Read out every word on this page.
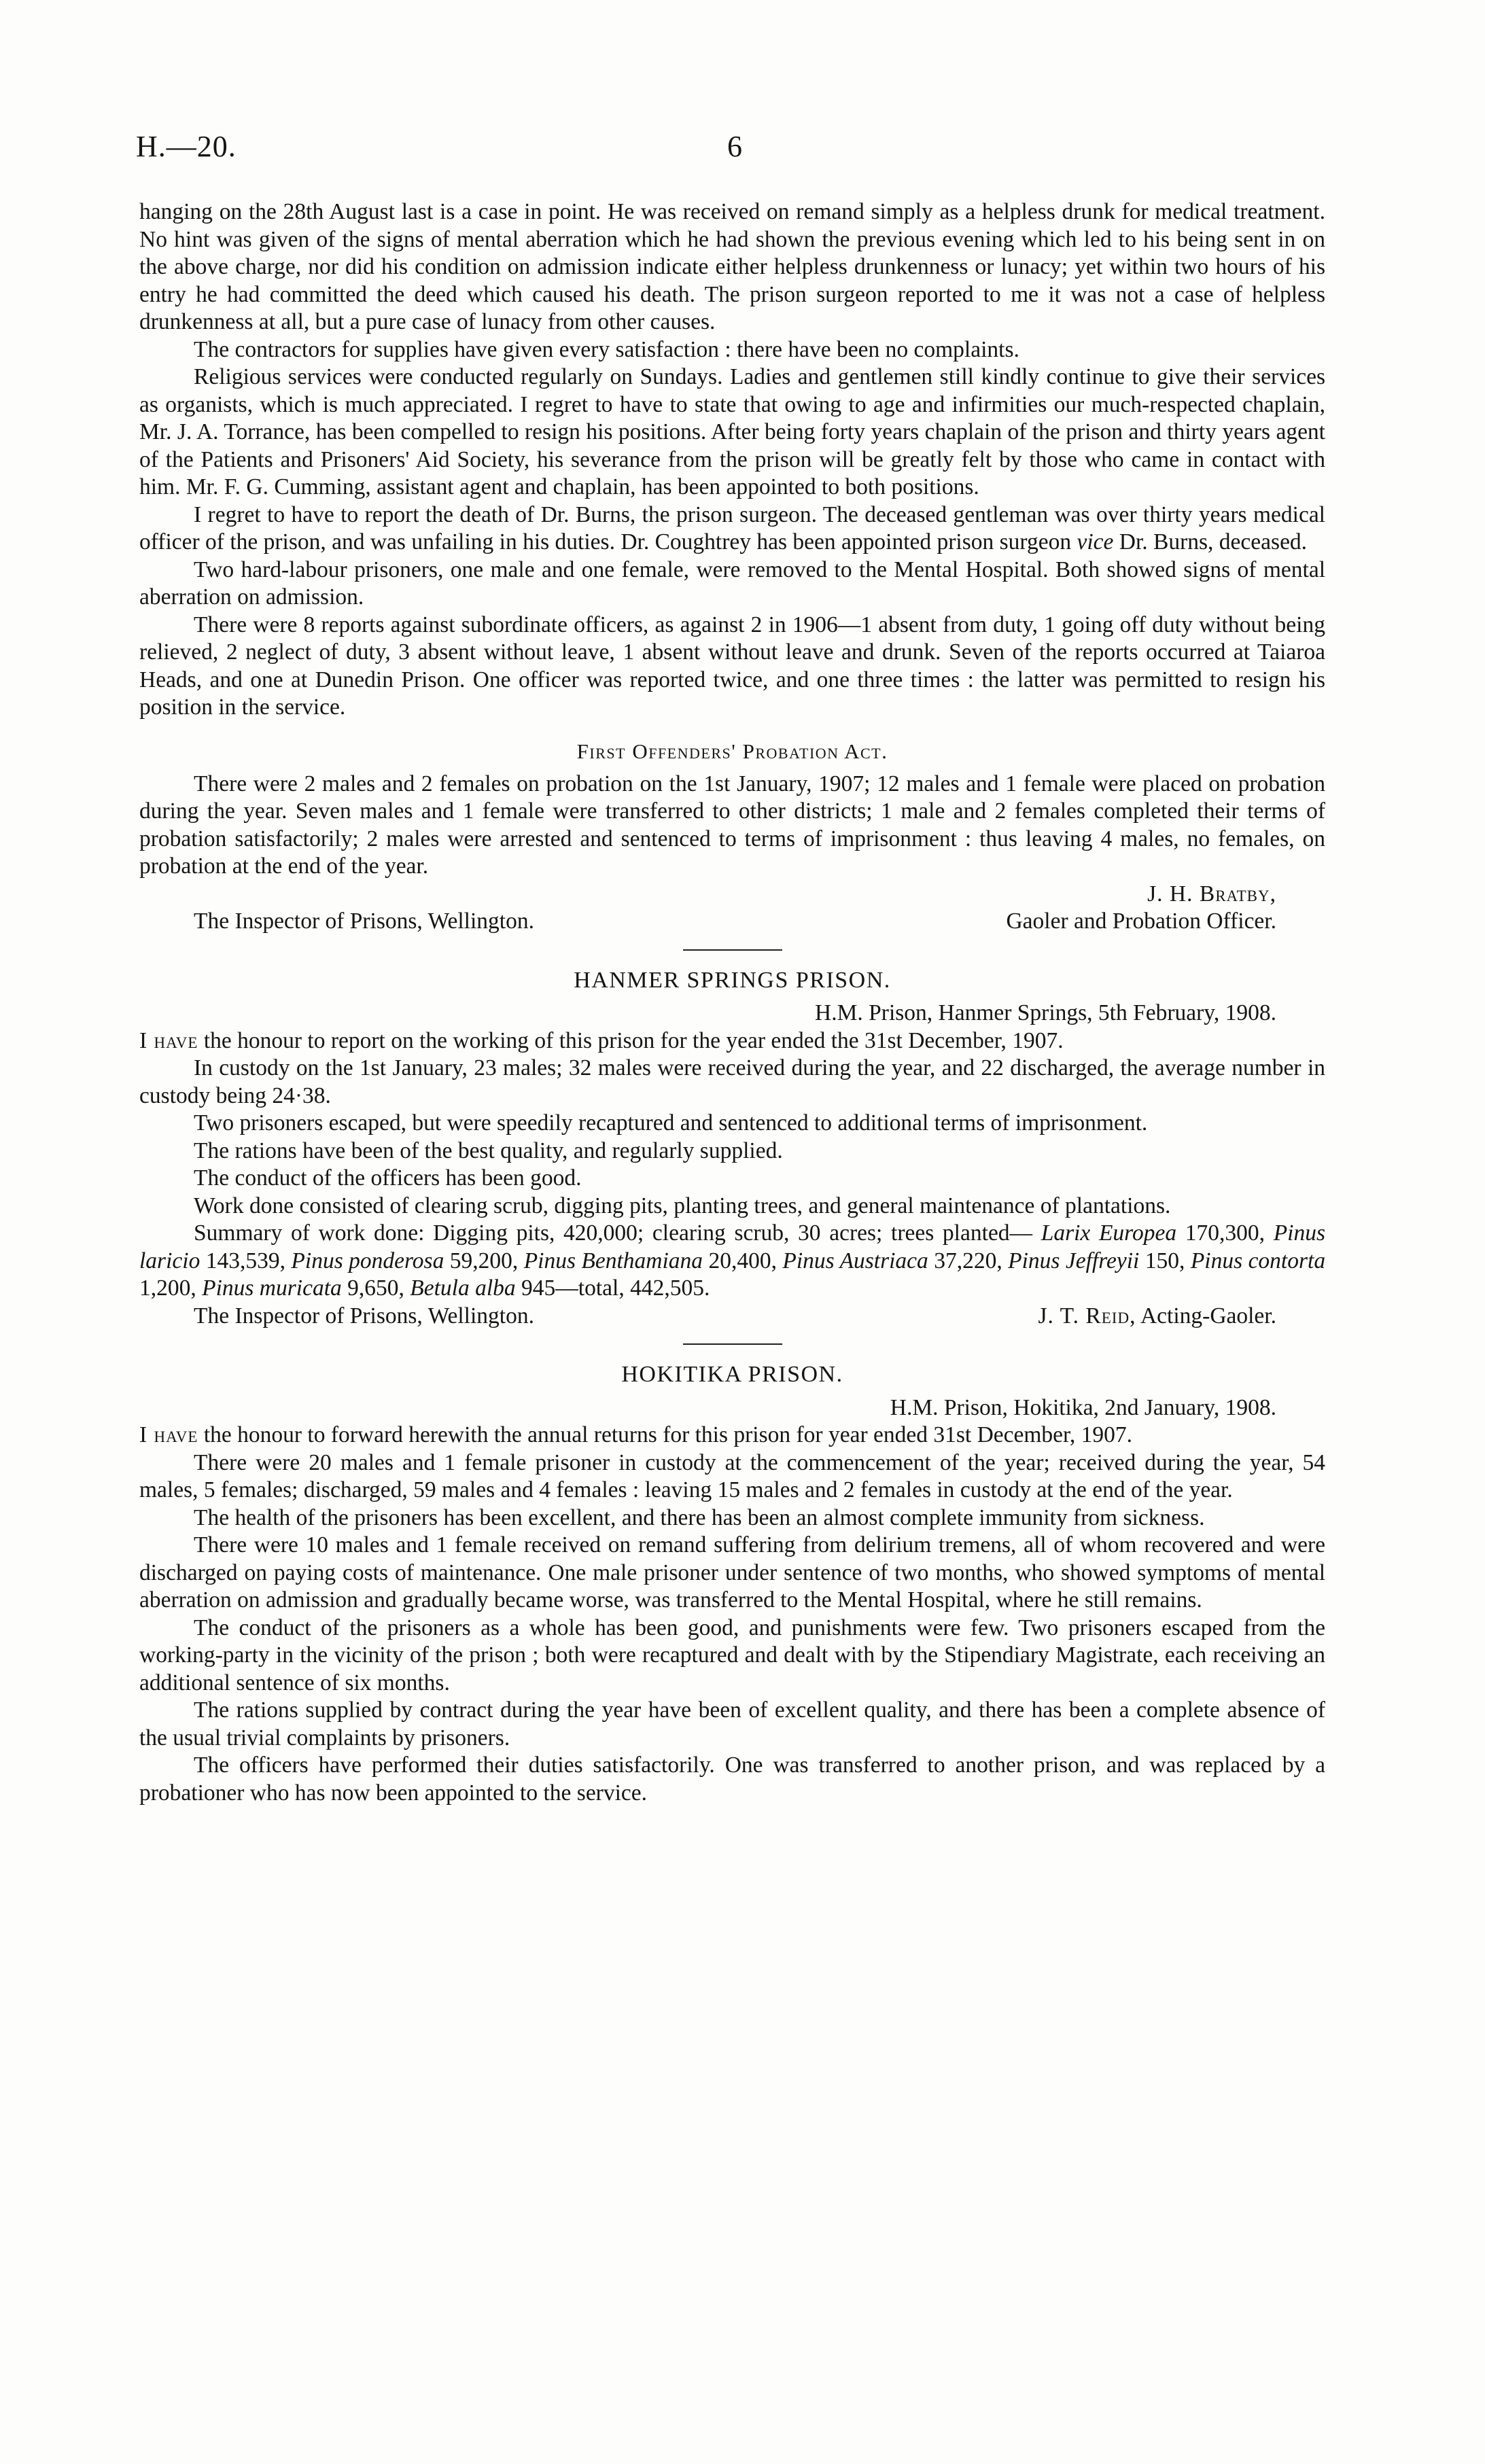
H.—20.	6

hanging on the 28th August last is a case in point. He was received on remand simply as a helpless drunk for medical treatment. No hint was given of the signs of mental aberration which he had shown the previous evening which led to his being sent in on the above charge, nor did his condition on admission indicate either helpless drunkenness or lunacy; yet within two hours of his entry he had committed the deed which caused his death. The prison surgeon reported to me it was not a case of helpless drunkenness at all, but a pure case of lunacy from other causes.

The contractors for supplies have given every satisfaction : there have been no complaints.

Religious services were conducted regularly on Sundays. Ladies and gentlemen still kindly continue to give their services as organists, which is much appreciated. I regret to have to state that owing to age and infirmities our much-respected chaplain, Mr. J. A. Torrance, has been compelled to resign his positions. After being forty years chaplain of the prison and thirty years agent of the Patients and Prisoners' Aid Society, his severance from the prison will be greatly felt by those who came in contact with him. Mr. F. G. Cumming, assistant agent and chaplain, has been appointed to both positions.

I regret to have to report the death of Dr. Burns, the prison surgeon. The deceased gentleman was over thirty years medical officer of the prison, and was unfailing in his duties. Dr. Coughtrey has been appointed prison surgeon vice Dr. Burns, deceased.

Two hard-labour prisoners, one male and one female, were removed to the Mental Hospital. Both showed signs of mental aberration on admission.

There were 8 reports against subordinate officers, as against 2 in 1906—1 absent from duty, 1 going off duty without being relieved, 2 neglect of duty, 3 absent without leave, 1 absent without leave and drunk. Seven of the reports occurred at Taiaroa Heads, and one at Dunedin Prison. One officer was reported twice, and one three times : the latter was permitted to resign his position in the service.

First Offenders' Probation Act.

There were 2 males and 2 females on probation on the 1st January, 1907; 12 males and 1 female were placed on probation during the year. Seven males and 1 female were transferred to other districts; 1 male and 2 females completed their terms of probation satisfactorily; 2 males were arrested and sentenced to terms of imprisonment : thus leaving 4 males, no females, on probation at the end of the year.

J. H. Bratby,

The Inspector of Prisons, Wellington.	Gaoler and Probation Officer.

HANMER SPRINGS PRISON.

H.M. Prison, Hanmer Springs, 5th February, 1908.

I have the honour to report on the working of this prison for the year ended the 31st December, 1907.

In custody on the 1st January, 23 males; 32 males were received during the year, and 22 discharged, the average number in custody being 24·38.

Two prisoners escaped, but were speedily recaptured and sentenced to additional terms of imprisonment.

The rations have been of the best quality, and regularly supplied.

The conduct of the officers has been good.

Work done consisted of clearing scrub, digging pits, planting trees, and general maintenance of plantations.

Summary of work done: Digging pits, 420,000; clearing scrub, 30 acres; trees planted— Larix Europea 170,300, Pinus laricio 143,539, Pinus ponderosa 59,200, Pinus Benthamiana 20,400, Pinus Austriaca 37,220, Pinus Jeffreyii 150, Pinus contorta 1,200, Pinus muricata 9,650, Betula alba 945—total, 442,505.

The Inspector of Prisons, Wellington.	J. T. Reid, Acting-Gaoler.

HOKITIKA PRISON.

H.M. Prison, Hokitika, 2nd January, 1908.

I have the honour to forward herewith the annual returns for this prison for year ended 31st December, 1907.

There were 20 males and 1 female prisoner in custody at the commencement of the year; received during the year, 54 males, 5 females; discharged, 59 males and 4 females : leaving 15 males and 2 females in custody at the end of the year.

The health of the prisoners has been excellent, and there has been an almost complete immunity from sickness.

There were 10 males and 1 female received on remand suffering from delirium tremens, all of whom recovered and were discharged on paying costs of maintenance. One male prisoner under sentence of two months, who showed symptoms of mental aberration on admission and gradually became worse, was transferred to the Mental Hospital, where he still remains.

The conduct of the prisoners as a whole has been good, and punishments were few. Two prisoners escaped from the working-party in the vicinity of the prison ; both were recaptured and dealt with by the Stipendiary Magistrate, each receiving an additional sentence of six months.

The rations supplied by contract during the year have been of excellent quality, and there has been a complete absence of the usual trivial complaints by prisoners.

The officers have performed their duties satisfactorily. One was transferred to another prison, and was replaced by a probationer who has now been appointed to the service.
